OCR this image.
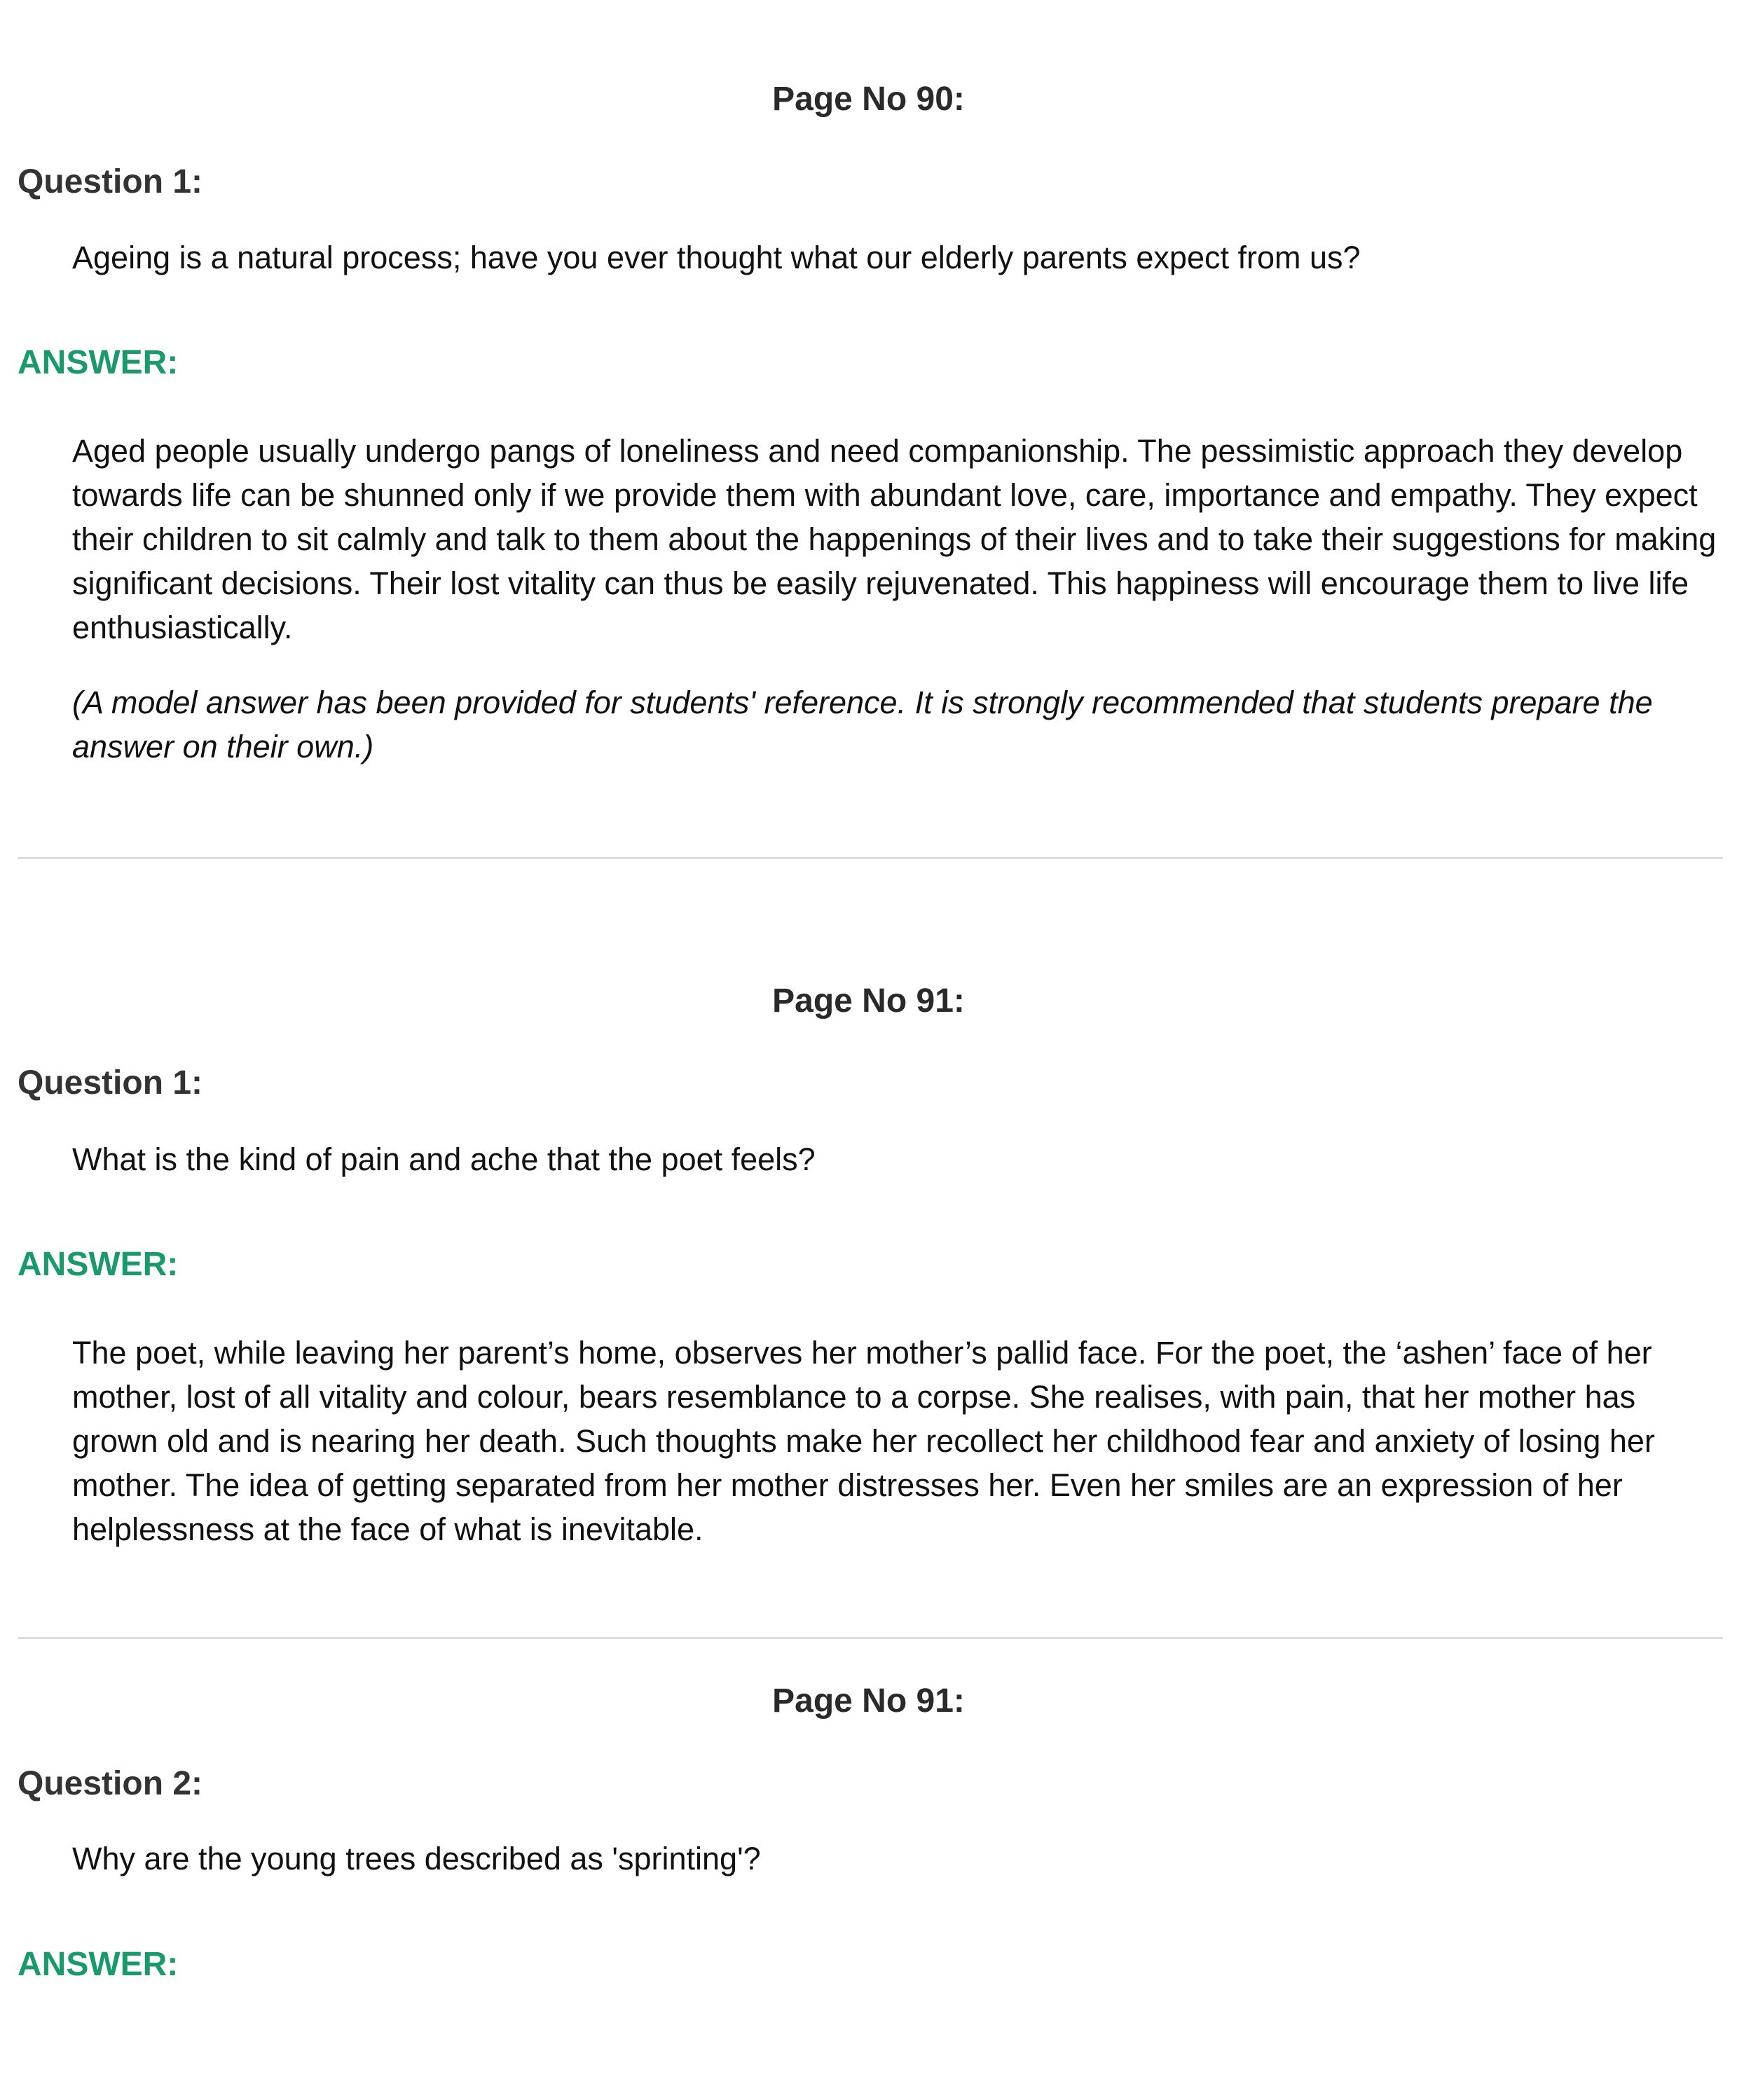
Page No 90:
Question 1:

Ageing is a natural process; have you ever thought what our elderly parents expect from us?

ANSWER:

Aged people usually undergo pangs of loneliness and need companionship. The pessimistic approach they develop towards life can be shunned only if we provide them with abundant love, care, importance and empathy. They expect their children to sit calmly and talk to them about the happenings of their lives and to take their suggestions for making significant decisions. Their lost vitality can thus be easily rejuvenated. This happiness will encourage them to live life enthusiastically.

(A model answer has been provided for students' reference. It is strongly recommended that students prepare the answer on their own.)

Page No 91:
Question 1:

What is the kind of pain and ache that the poet feels?

ANSWER:

The poet, while leaving her parent’s home, observes her mother’s pallid face. For the poet, the ‘ashen’ face of her mother, lost of all vitality and colour, bears resemblance to a corpse. She realises, with pain, that her mother has grown old and is nearing her death. Such thoughts make her recollect her childhood fear and anxiety of losing her mother. The idea of getting separated from her mother distresses her. Even her smiles are an expression of her helplessness at the face of what is inevitable.

Page No 91:
Question 2:

Why are the young trees described as 'sprinting'?

ANSWER:
